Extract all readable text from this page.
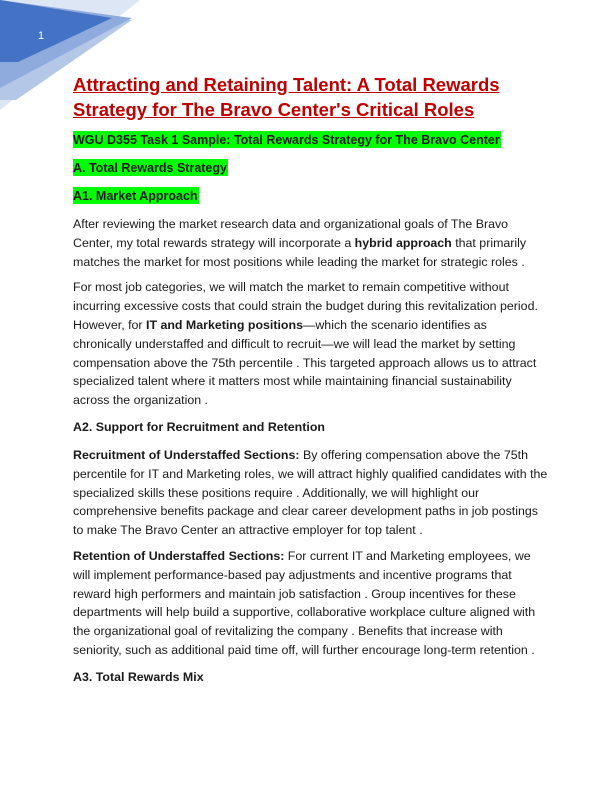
1
Attracting and Retaining Talent: A Total Rewards Strategy for The Bravo Center's Critical Roles
WGU D355 Task 1 Sample: Total Rewards Strategy for The Bravo Center
A. Total Rewards Strategy
A1. Market Approach

After reviewing the market research data and organizational goals of The Bravo Center, my total rewards strategy will incorporate a hybrid approach that primarily matches the market for most positions while leading the market for strategic roles .

For most job categories, we will match the market to remain competitive without incurring excessive costs that could strain the budget during this revitalization period. However, for IT and Marketing positions—which the scenario identifies as chronically understaffed and difficult to recruit—we will lead the market by setting compensation above the 75th percentile . This targeted approach allows us to attract specialized talent where it matters most while maintaining financial sustainability across the organization .

A2. Support for Recruitment and Retention

Recruitment of Understaffed Sections: By offering compensation above the 75th percentile for IT and Marketing roles, we will attract highly qualified candidates with the specialized skills these positions require . Additionally, we will highlight our comprehensive benefits package and clear career development paths in job postings to make The Bravo Center an attractive employer for top talent .

Retention of Understaffed Sections: For current IT and Marketing employees, we will implement performance-based pay adjustments and incentive programs that reward high performers and maintain job satisfaction . Group incentives for these departments will help build a supportive, collaborative workplace culture aligned with the organizational goal of revitalizing the company . Benefits that increase with seniority, such as additional paid time off, will further encourage long-term retention .

A3. Total Rewards Mix
